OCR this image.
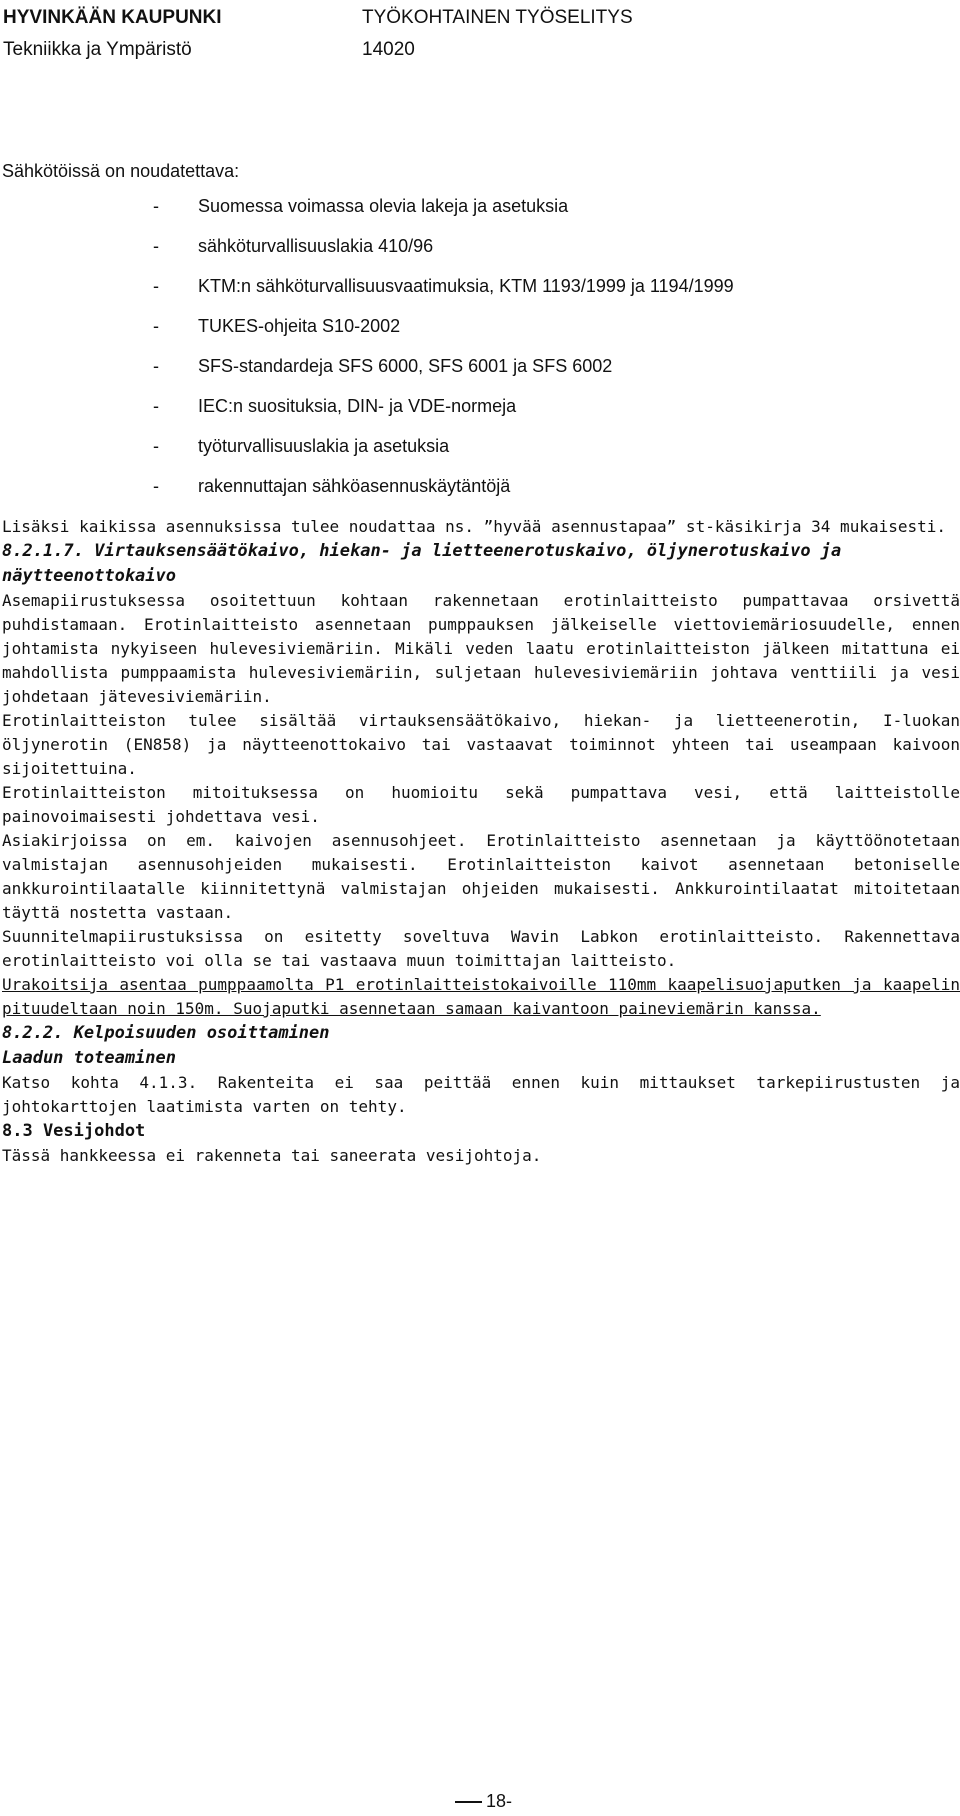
HYVINKÄÄN KAUPUNKI	TYÖKOHTAINEN TYÖSELITYS
Tekniikka ja Ympäristö	14020
Sähkötöissä on noudatettava:
- Suomessa voimassa olevia lakeja ja asetuksia
- sähköturvallisuuslakia 410/96
- KTM:n sähköturvallisuusvaatimuksia, KTM 1193/1999 ja 1194/1999
- TUKES-ohjeita S10-2002
- SFS-standardeja SFS 6000, SFS 6001 ja SFS 6002
- IEC:n suosituksia, DIN- ja VDE-normeja
- työturvallisuuslakia ja asetuksia
- rakennuttajan sähköasennuskäytäntöjä

Lisäksi kaikissa asennuksissa tulee noudattaa ns. ”hyvää asennustapaa” st-käsikirja 34 mukaisesti.

8.2.1.7. Virtauksensäätökaivo, hiekan- ja lietteenerotuskaivo, öljynerotuskaivo ja näytteenottokaivo

Asemapiirustuksessa osoitettuun kohtaan rakennetaan erotinlaitteisto pumpattavaa orsivettä puhdistamaan. Erotinlaitteisto asennetaan pumppauksen jälkeiselle viettoviemäriosuudelle, ennen johtamista nykyiseen hulevesiviemäriin. Mikäli veden laatu erotinlaitteiston jälkeen mitattuna ei mahdollista pumppaamista hulevesiviemäriin, suljetaan hulevesiviemäriin johtava venttiili ja vesi johdetaan jätevesiviemäriin.

Erotinlaitteiston tulee sisältää virtauksensäätökaivo, hiekan- ja lietteenerotin, I-luokan öljynerotin (EN858) ja näytteenottokaivo tai vastaavat toiminnot yhteen tai useampaan kaivoon sijoitettuina.

Erotinlaitteiston mitoituksessa on huomioitu sekä pumpattava vesi, että laitteistolle painovoimaisesti johdettava vesi.

Asiakirjoissa on em. kaivojen asennusohjeet. Erotinlaitteisto asennetaan ja käyttöönotetaan valmistajan asennusohjeiden mukaisesti. Erotinlaitteiston kaivot asennetaan betoniselle ankkurointilaatalle kiinnitettynä valmistajan ohjeiden mukaisesti. Ankkurointilaatat mitoitetaan täyttä nostetta vastaan.

Suunnitelmapiirustuksissa on esitetty soveltuva Wavin Labkon erotinlaitteisto. Rakennettava erotinlaitteisto voi olla se tai vastaava muun toimittajan laitteisto.

Urakoitsija asentaa pumppaamolta P1 erotinlaitteistokaivoille 110mm kaapelisuojaputken ja kaapelin pituudeltaan noin 150m. Suojaputki asennetaan samaan kaivantoon paineviemärin kanssa.

8.2.2. Kelpoisuuden osoittaminen
Laadun toteaminen

Katso kohta 4.1.3. Rakenteita ei saa peittää ennen kuin mittaukset tarkepiirustusten ja johtokarttojen laatimista varten on tehty.

8.3 Vesijohdot

Tässä hankkeessa ei rakenneta tai saneerata vesijohtoja.

18-
